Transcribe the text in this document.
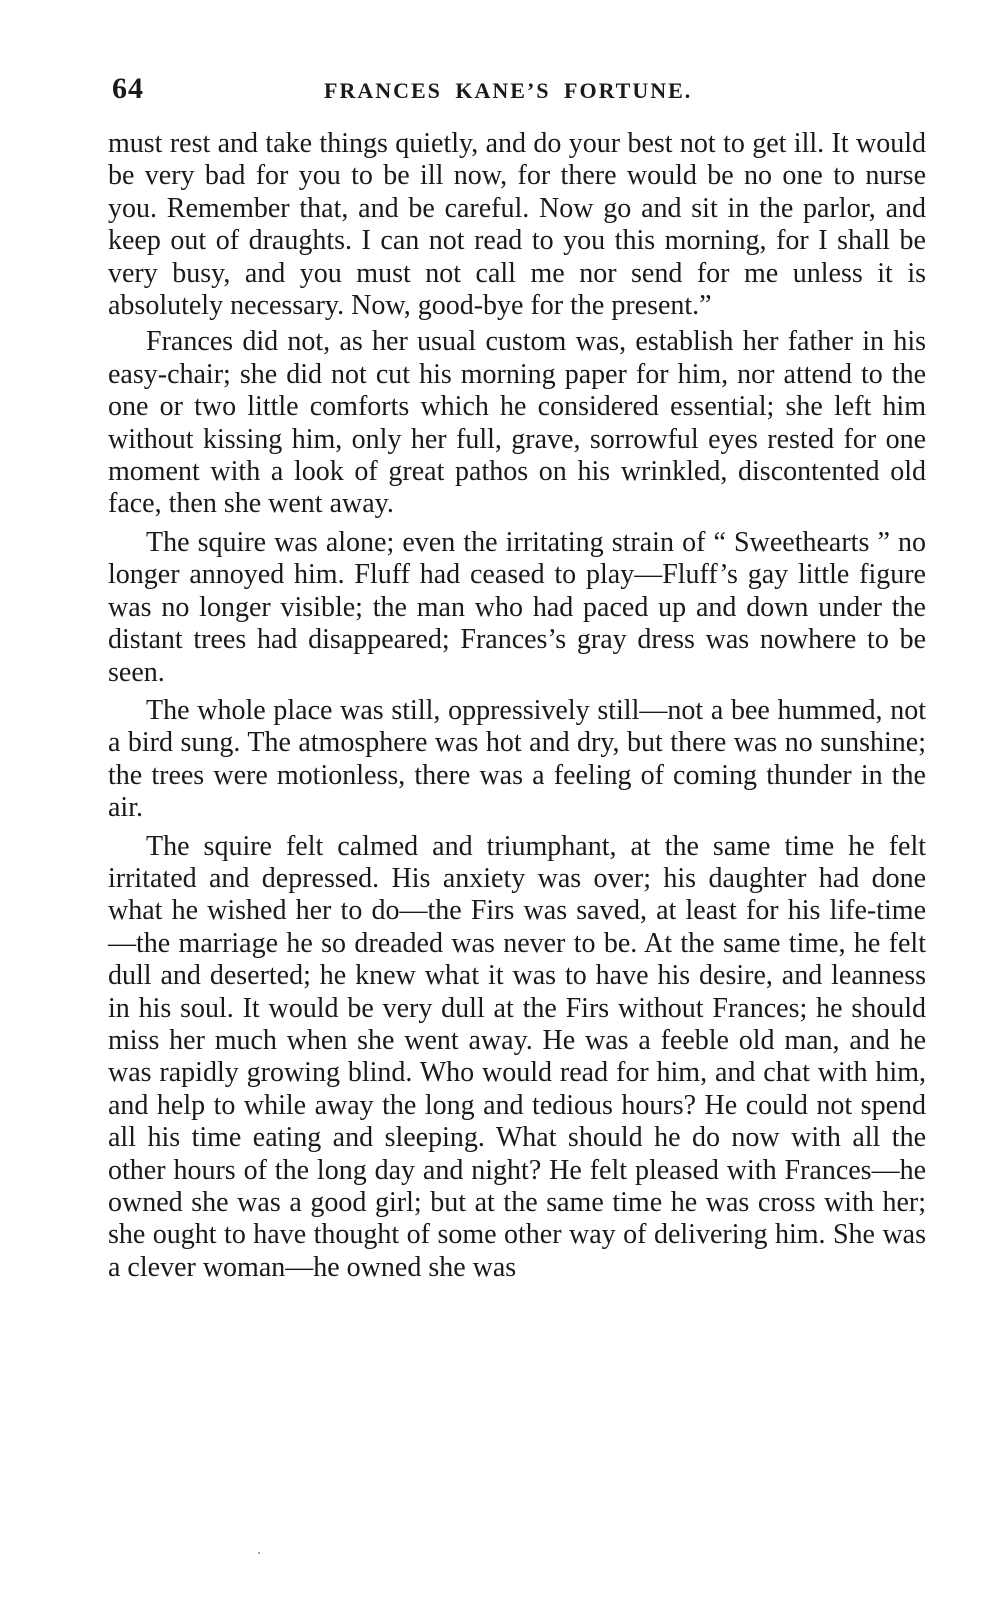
64	FRANCES KANE’S FORTUNE.

must rest and take things quietly, and do your best not to get ill. It would be very bad for you to be ill now, for there would be no one to nurse you. Remember that, and be careful. Now go and sit in the parlor, and keep out of draughts. I can not read to you this morning, for I shall be very busy, and you must not call me nor send for me unless it is absolutely necessary. Now, good-bye for the present.”

Frances did not, as her usual custom was, establish her father in his easy-chair; she did not cut his morning paper for him, nor attend to the one or two little comforts which he considered essential; she left him without kissing him, only her full, grave, sorrowful eyes rested for one moment with a look of great pathos on his wrinkled, discontented old face, then she went away.

The squire was alone; even the irritating strain of “ Sweethearts ” no longer annoyed him. Fluff had ceased to play—Fluff’s gay little figure was no longer visible; the man who had paced up and down under the distant trees had disappeared; Frances’s gray dress was nowhere to be seen.

The whole place was still, oppressively still—not a bee hummed, not a bird sung. The atmosphere was hot and dry, but there was no sunshine; the trees were motionless, there was a feeling of coming thunder in the air.

The squire felt calmed and triumphant, at the same time he felt irritated and depressed. His anxiety was over; his daughter had done what he wished her to do—the Firs was saved, at least for his life-time—the marriage he so dreaded was never to be. At the same time, he felt dull and deserted; he knew what it was to have his desire, and leanness in his soul. It would be very dull at the Firs without Frances; he should miss her much when she went away. He was a feeble old man, and he was rapidly growing blind. Who would read for him, and chat with him, and help to while away the long and tedious hours? He could not spend all his time eating and sleeping. What should he do now with all the other hours of the long day and night? He felt pleased with Frances—he owned she was a good girl; but at the same time he was cross with her; she ought to have thought of some other way of delivering him. She was a clever woman—he owned she was
